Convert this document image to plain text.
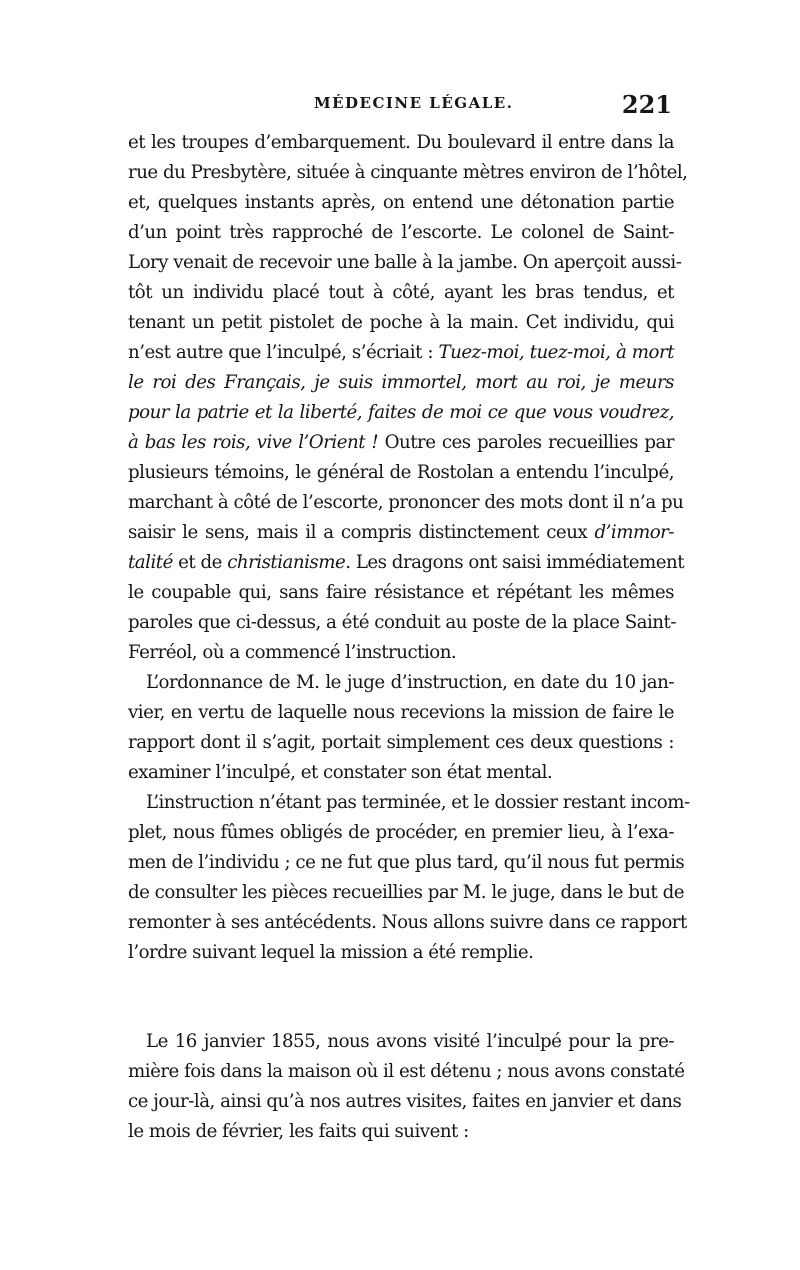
MÉDECINE LÉGALE.	221
et les troupes d’embarquement. Du boulevard il entre dans la
rue du Presbytère, située à cinquante mètres environ de l’hôtel,
et, quelques instants après, on entend une détonation partie
d’un point très rapproché de l’escorte. Le colonel de Saint-
Lory venait de recevoir une balle à la jambe. On aperçoit aussi-
tôt un individu placé tout à côté, ayant les bras tendus, et
tenant un petit pistolet de poche à la main. Cet individu, qui
n’est autre que l’inculpé, s’écriait : Tuez-moi, tuez-moi, à mort
le roi des Français, je suis immortel, mort au roi, je meurs
pour la patrie et la liberté, faites de moi ce que vous voudrez,
à bas les rois, vive l’Orient ! Outre ces paroles recueillies par
plusieurs témoins, le général de Rostolan a entendu l’inculpé,
marchant à côté de l’escorte, prononcer des mots dont il n’a pu
saisir le sens, mais il a compris distinctement ceux d’immor-
talité et de christianisme. Les dragons ont saisi immédiatement
le coupable qui, sans faire résistance et répétant les mêmes
paroles que ci-dessus, a été conduit au poste de la place Saint-
Ferréol, où a commencé l’instruction.
L’ordonnance de M. le juge d’instruction, en date du 10 jan-
vier, en vertu de laquelle nous recevions la mission de faire le
rapport dont il s’agit, portait simplement ces deux questions :
examiner l’inculpé, et constater son état mental.
L’instruction n’étant pas terminée, et le dossier restant incom-
plet, nous fûmes obligés de procéder, en premier lieu, à l’exa-
men de l’individu ; ce ne fut que plus tard, qu’il nous fut permis
de consulter les pièces recueillies par M. le juge, dans le but de
remonter à ses antécédents. Nous allons suivre dans ce rapport
l’ordre suivant lequel la mission a été remplie.
Le 16 janvier 1855, nous avons visité l’inculpé pour la pre-
mière fois dans la maison où il est détenu ; nous avons constaté
ce jour-là, ainsi qu’à nos autres visites, faites en janvier et dans
le mois de février, les faits qui suivent :
